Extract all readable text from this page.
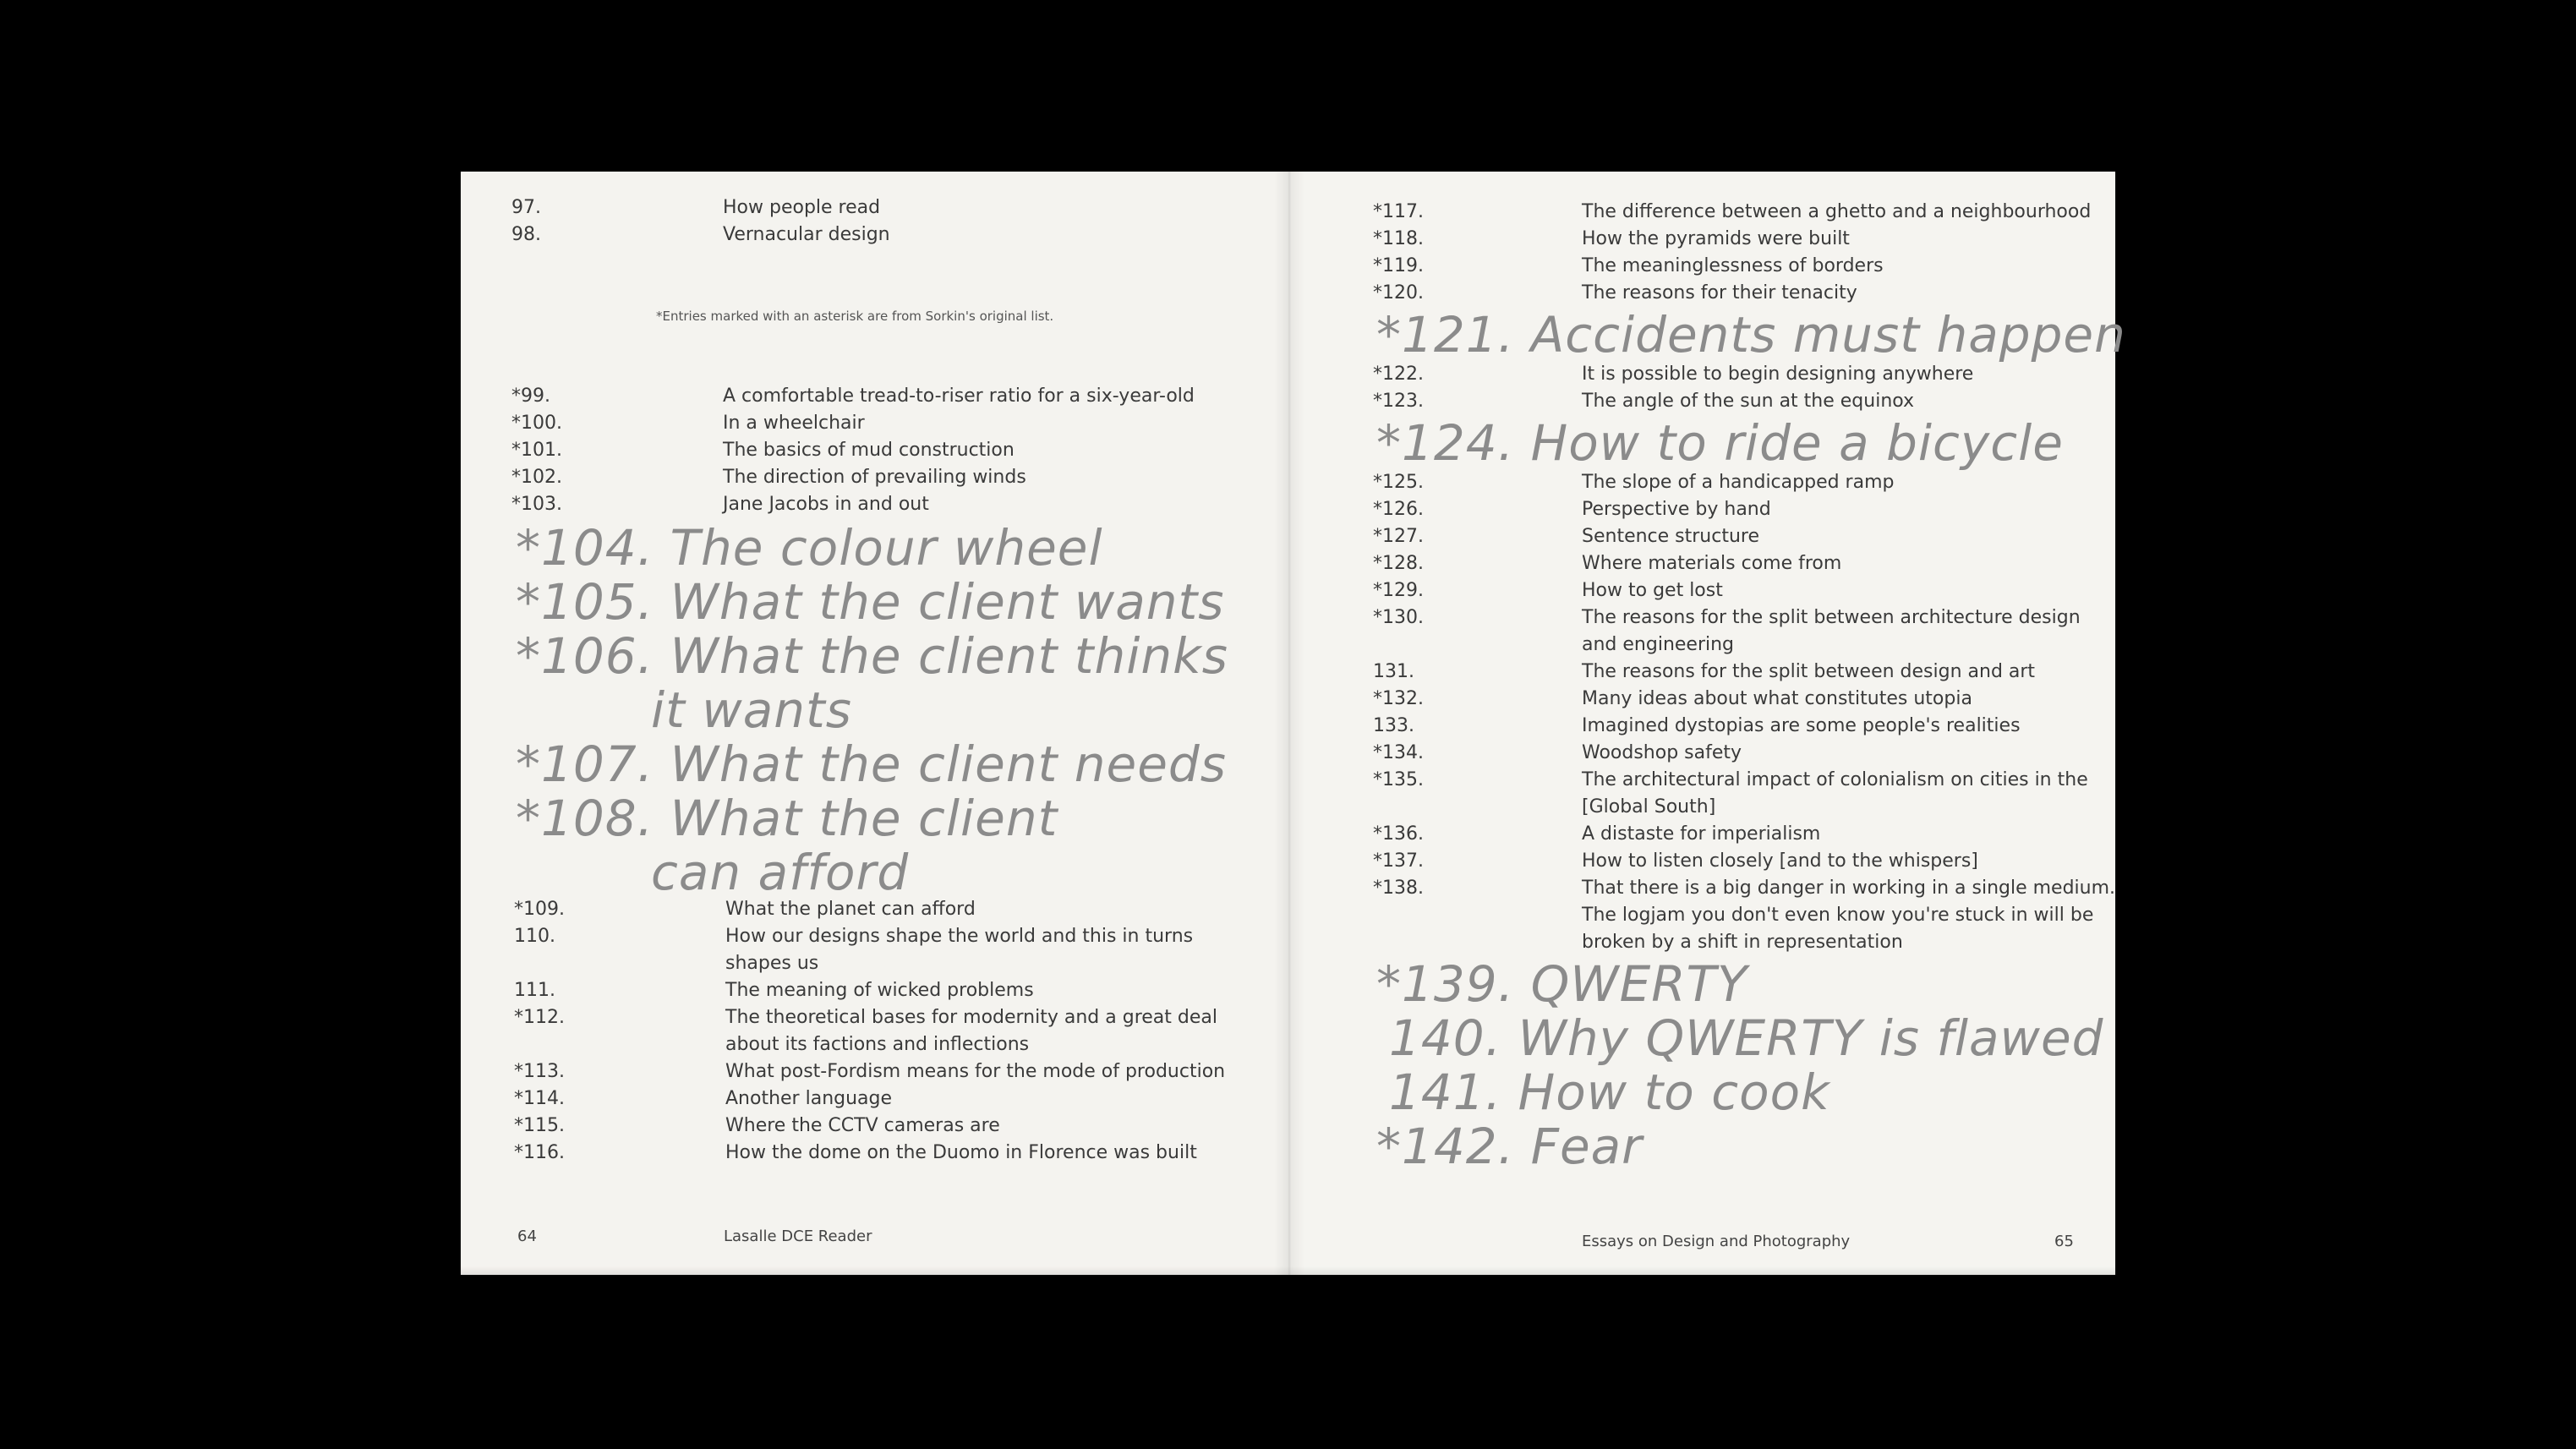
97.	How people read
98.	Vernacular design
*Entries marked with an asterisk are from Sorkin's original list.
*99.	A comfortable tread-to-riser ratio for a six-year-old
*100.	In a wheelchair
*101.	The basics of mud construction
*102.	The direction of prevailing winds
*103.	Jane Jacobs in and out
*104. The colour wheel
*105. What the client wants
*106. What the client thinks
it wants
*107. What the client needs
*108. What the client
can afford
*109.	What the planet can afford
110.	How our designs shape the world and this in turns
shapes us
111.	The meaning of wicked problems
*112.	The theoretical bases for modernity and a great deal
about its factions and inflections
*113.	What post-Fordism means for the mode of production
*114.	Another language
*115.	Where the CCTV cameras are
*116.	How the dome on the Duomo in Florence was built
64	Lasalle DCE Reader
*117.	The difference between a ghetto and a neighbourhood
*118.	How the pyramids were built
*119.	The meaninglessness of borders
*120.	The reasons for their tenacity
*121. Accidents must happen
*122.	It is possible to begin designing anywhere
*123.	The angle of the sun at the equinox
*124. How to ride a bicycle
*125.	The slope of a handicapped ramp
*126.	Perspective by hand
*127.	Sentence structure
*128.	Where materials come from
*129.	How to get lost
*130.	The reasons for the split between architecture design
and engineering
131.	The reasons for the split between design and art
*132.	Many ideas about what constitutes utopia
133.	Imagined dystopias are some people's realities
*134.	Woodshop safety
*135.	The architectural impact of colonialism on cities in the
[Global South]
*136.	A distaste for imperialism
*137.	How to listen closely [and to the whispers]
*138.	That there is a big danger in working in a single medium.
The logjam you don't even know you're stuck in will be
broken by a shift in representation
*139. QWERTY
140. Why QWERTY is flawed
141. How to cook
*142. Fear
Essays on Design and Photography	65
